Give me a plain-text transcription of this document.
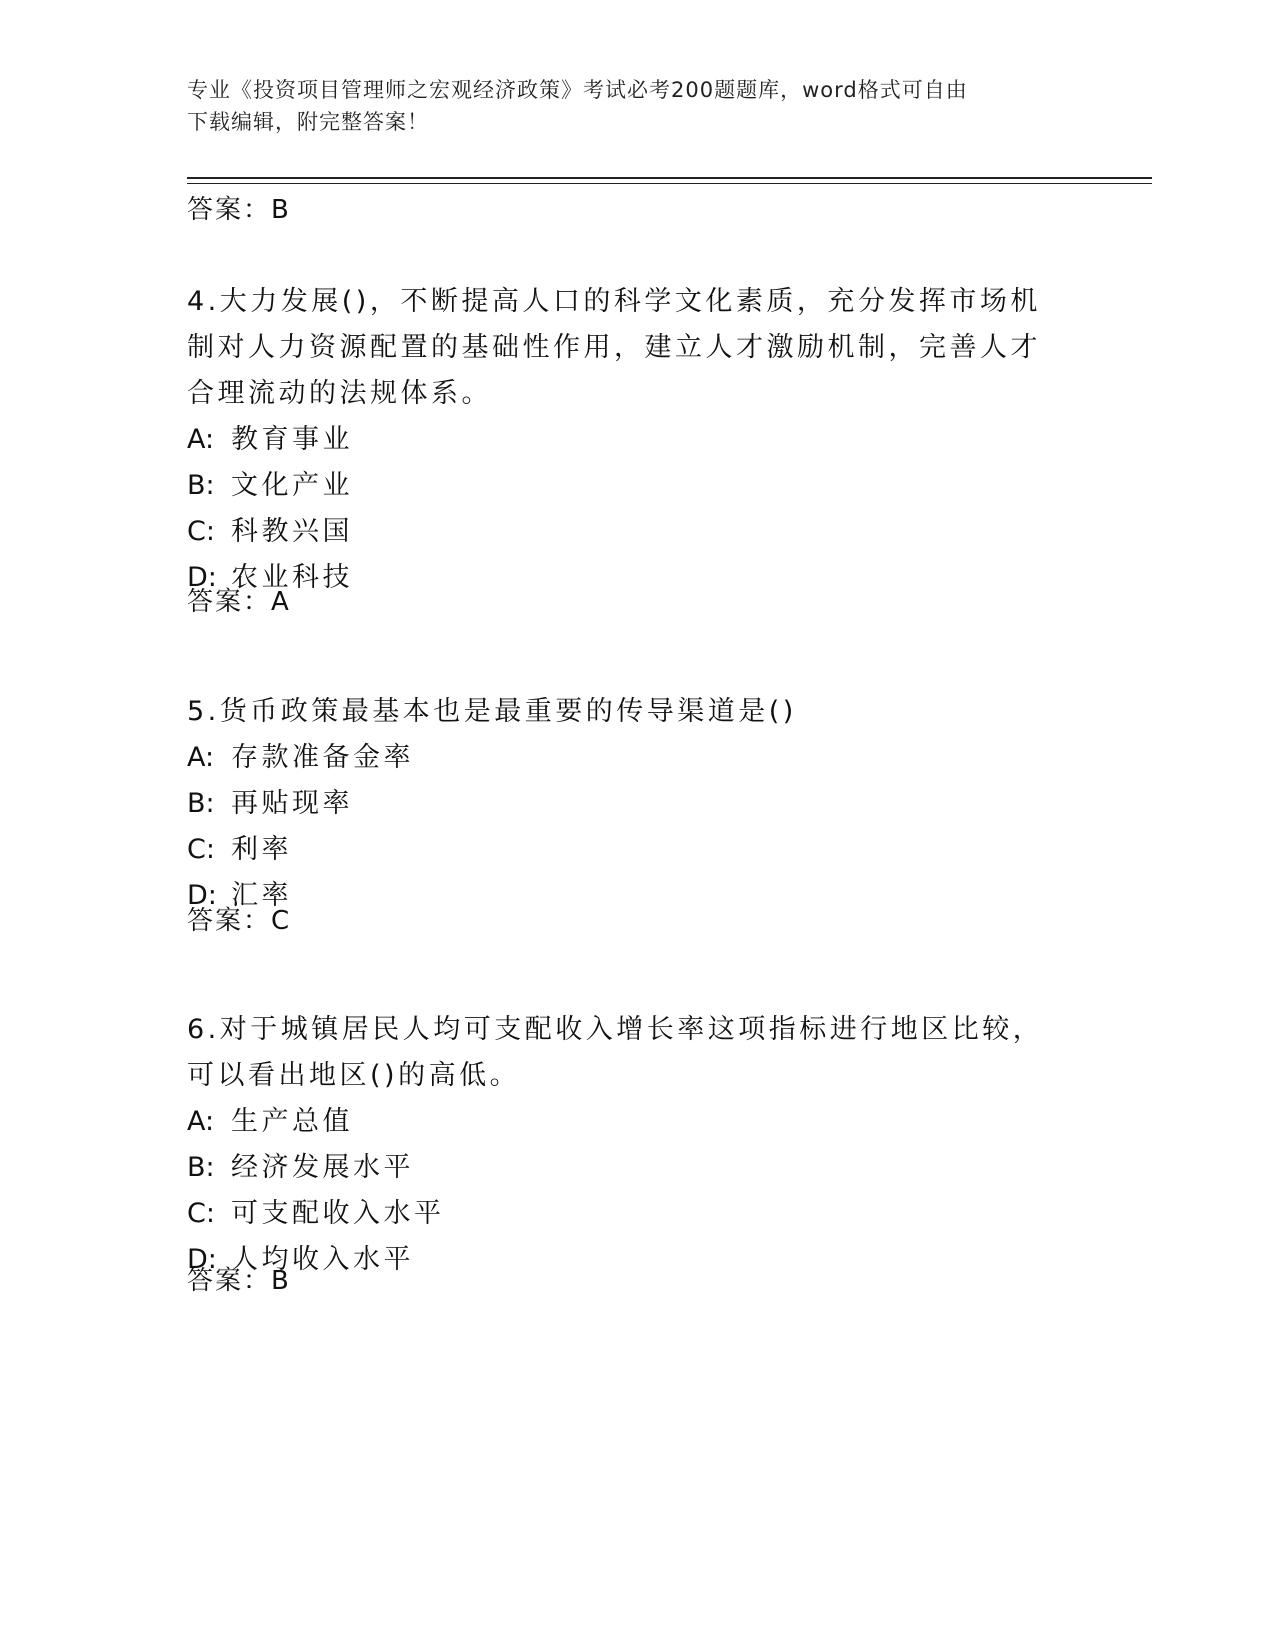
专业《投资项目管理师之宏观经济政策》考试必考200题题库，word格式可自由
下载编辑，附完整答案！
答案：B

4.大力发展()，不断提高人口的科学文化素质，充分发挥市场机制对人力资源配置的基础性作用，建立人才激励机制，完善人才合理流动的法规体系。

A: 教育事业

B: 文化产业

C: 科教兴国

D: 农业科技

答案：A

5.货币政策最基本也是最重要的传导渠道是()

A: 存款准备金率

B: 再贴现率

C: 利率

D: 汇率

答案：C

6.对于城镇居民人均可支配收入增长率这项指标进行地区比较，可以看出地区()的高低。

A: 生产总值

B: 经济发展水平

C: 可支配收入水平

D: 人均收入水平

答案：B
